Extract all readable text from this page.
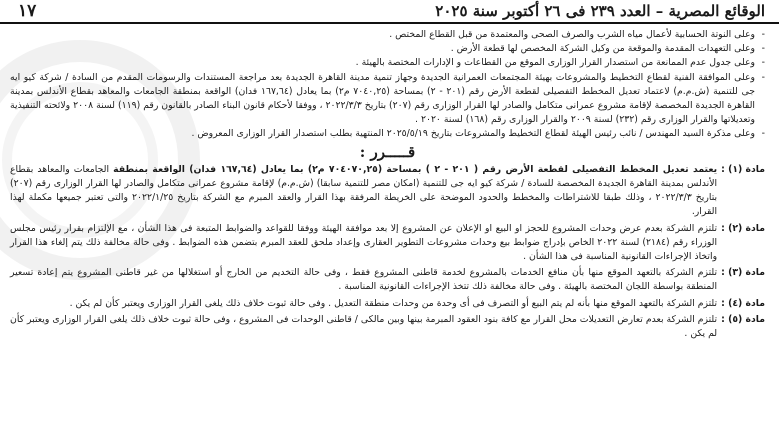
الوقائع المصرية – العدد ٢٣٩ فى ٢٦ أكتوبر سنة ٢٠٢٥
١٧
- وعلى النوتة الحسابية لأعمال مياه الشرب والصرف الصحى والمعتمدة من قبل القطاع المختص .
- وعلى التعهدات المقدمة والموقعة من وكيل الشركة المخصص لها قطعة الأرض .
- وعلى جدول عدم الممانعة من استصدار القرار الوزارى الموقع من القطاعات و الإدارات المختصة بالهيئة .
- وعلى الموافقة الفنية لقطاع التخطيط والمشروعات بهيئة المجتمعات العمرانية الجديدة وجهاز تنمية مدينة القاهرة الجديدة بعد مراجعة المستندات والرسومات المقدم من السادة / شركة كيو ايه جى للتنمية (ش.م.م) لاعتماد تعديل المخطط التفصيلى لقطعة الأرض رقم (٢٠١ - ٢) بمساحة (٧٠٤٠,٢٥ م٢) بما يعادل (١٦٧,٦٤ فدان) الواقعة بمنطقة الجامعات والمعاهد بقطاع الأندلس بمدينة القاهرة الجديدة المخصصة لإقامة مشروع عمرانى متكامل والصادر لها القرار الوزارى رقم (٢٠٧) بتاريخ ٢٠٢٢/٣/٣ ، ووفقا لأحكام قانون البناء الصادر بالقانون رقم (١١٩) لسنة ٢٠٠٨ ولائحته التنفيذية وتعديلاتها والقرار الوزارى رقم (٢٣٢) لسنة ٢٠٠٩ والقرار الوزارى رقم (١٦٨) لسنة ٢٠٢٠ .
- وعلى مذكرة السيد المهندس / نائب رئيس الهيئة لقطاع التخطيط والمشروعات بتاريخ ٢٠٢٥/٥/١٩ المنتهية بطلب استصدار القرار الوزارى المعروض .
قـــــرر :
مادة (١) :
يعتمد تعديل المخطط التفصيلى لقطعة الأرض رقم ( ٢٠١ - ٢ ) بمساحة (٧٠٤٠٧٠,٢٥ م٢) بما يعادل (١٦٧,٦٤ فدان) الواقعة بمنطقة الجامعات والمعاهد بقطاع الأندلس بمدينة القاهرة الجديدة المخصصة للسادة / شركة كيو ايه جى للتنمية (امكان مصر للتنمية سابقا) (ش.م.م) لإقامة مشروع عمرانى متكامل والصادر لها القرار الوزارى رقم (٢٠٧) بتاريخ ٢٠٢٢/٣/٣ ، وذلك طبقا للاشتراطات والمخطط والحدود الموضحة على الخريطة المرفقة بهذا القرار والعقد المبرم مع الشركة بتاريخ ٢٠٢٢/١/٢٥ والتى تعتبر جميعها مكملة لهذا القرار.
مادة (٢) :
تلتزم الشركة بعدم عرض وحدات المشروع للحجز او البيع او الإعلان عن المشروع إلا بعد موافقة الهيئة ووفقا للقواعد والضوابط المتبعة فى هذا الشأن ، مع الإلتزام بقرار رئيس مجلس الوزراء رقم (٢١٨٤) لسنة ٢٠٢٢ الخاص بإدراج ضوابط بيع وحدات مشروعات التطوير العقارى وإعداد ملحق للعقد المبرم بتضمن هذه الضوابط . وفى حالة مخالفة ذلك يتم إلغاء هذا القرار واتخاذ الإجراءات القانونية المناسبة فى هذا الشأن .
مادة (٣) :
تلتزم الشركة بالتعهد الموقع منها بأن منافع الخدمات بالمشروع لخدمة قاطنى المشروع فقط ، وفى حالة التخديم من الخارج أو استغلالها من غير قاطنى المشروع يتم إعادة تسعير المنطقة بواسطة اللجان المختصة بالهيئة . وفى حالة مخالفة ذلك تتخذ الإجراءات القانونية المناسبة .
مادة (٤) :
تلتزم الشركة بالتعهد الموقع منها بأنه لم يتم البيع أو التصرف فى أى وحدة من وحدات منطقة التعديل . وفى حالة ثبوت خلاف ذلك يلغى القرار الوزارى ويعتبر كأن لم يكن .
مادة (٥) :
تلتزم الشركة بعدم تعارض التعديلات محل القرار مع كافة بنود العقود المبرمة بينها وبين مالكى / قاطنى الوحدات فى المشروع ، وفى حالة ثبوت خلاف ذلك يلغى القرار الوزارى ويعتبر كأن لم يكن .
